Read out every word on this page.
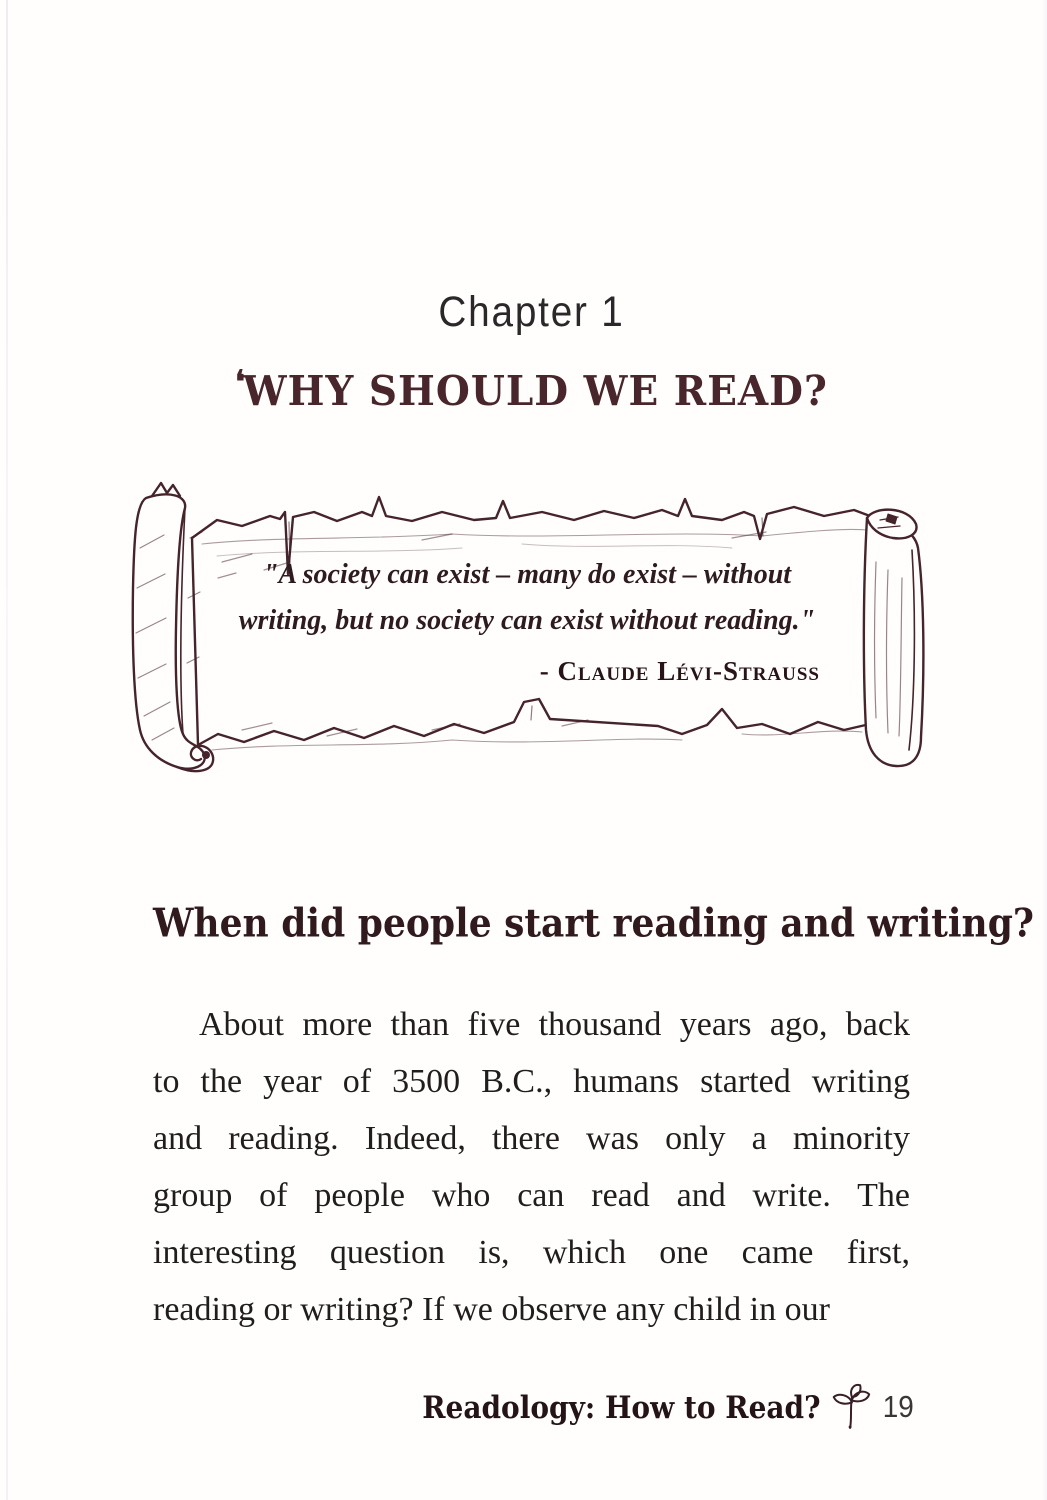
Chapter 1
❛WHY SHOULD WE READ?
When did people start reading and writing?
About more than five thousand years ago, back
to the year of 3500 B.C., humans started writing
and reading. Indeed, there was only a minority
group of people who can read and write. The
interesting question is, which one came first,
reading or writing? If we observe any child in our
"A society can exist – many do exist – without
writing, but no society can exist without reading."
- Claude Lévi-Strauss
Readology: How to Read? 19
